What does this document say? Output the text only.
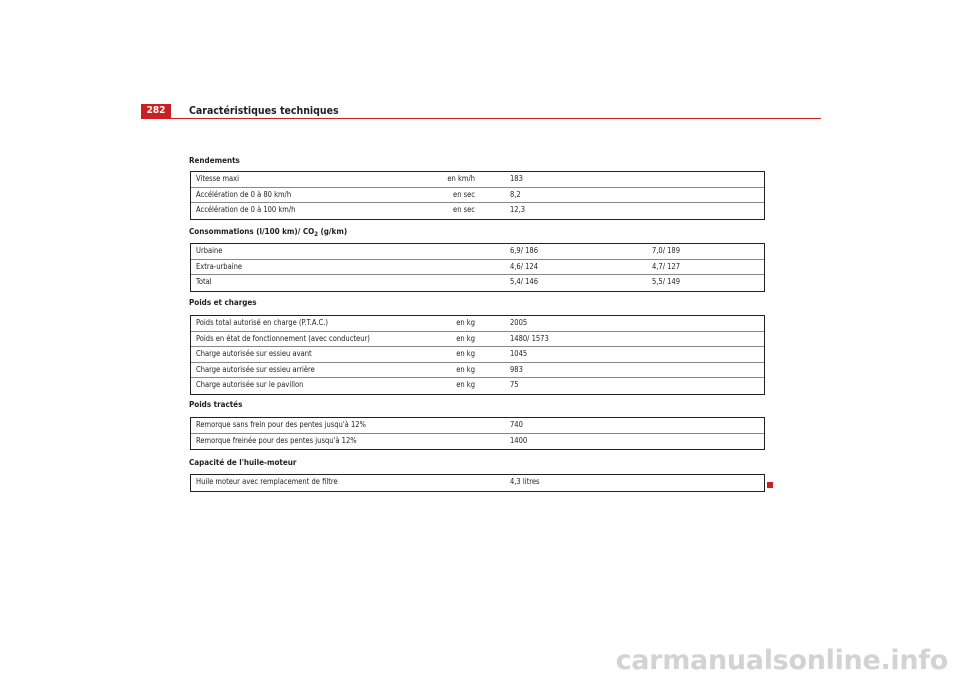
282	Caractéristiques techniques
Rendements
Vitesse maxi	en km/h	183
Accélération de 0 à 80 km/h	en sec	8,2
Accélération de 0 à 100 km/h	en sec	12,3
Consommations (l/100 km)/ $CO_2$ (g/km)
Urbaine	6,9/ 186	7,0/ 189
Extra-urbaine	4,6/ 124	4,7/ 127
Total	5,4/ 146	5,5/ 149
Poids et charges
Poids total autorisé en charge (P.T.A.C.)	en kg	2005
Poids en état de fonctionnement (avec conducteur)	en kg	1480/ 1573
Charge autorisée sur essieu avant	en kg	1045
Charge autorisée sur essieu arrière	en kg	983
Charge autorisée sur le pavillon	en kg	75
Poids tractés
Remorque sans frein pour des pentes jusqu'à 12%	740
Remorque freinée pour des pentes jusqu'à 12%	1400
Capacité de l'huile-moteur
Huile moteur avec remplacement de filtre	4,3 litres
carmanualsonline.info
